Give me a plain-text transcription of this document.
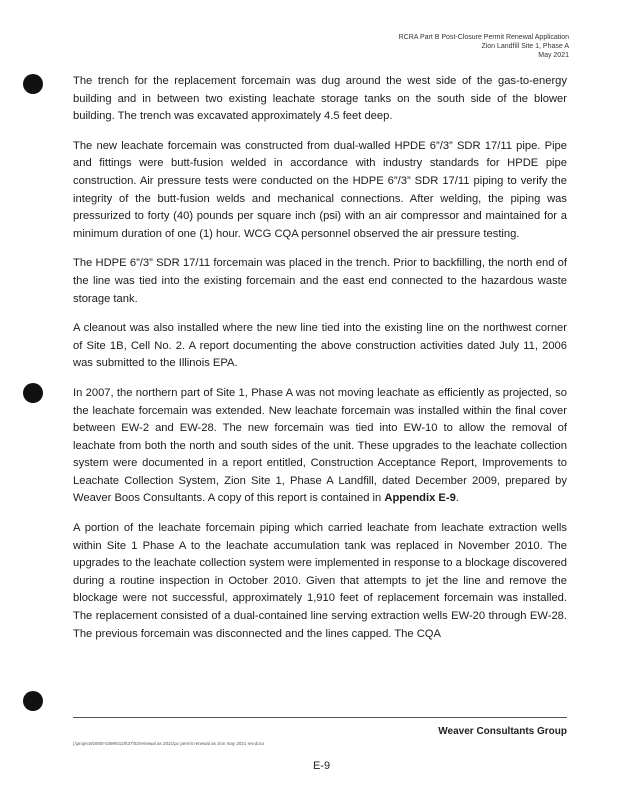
RCRA Part B Post-Closure Permit Renewal Application
Zion Landfill Site 1, Phase A
May 2021

The trench for the replacement forcemain was dug around the west side of the gas-to-energy building and in between two existing leachate storage tanks on the south side of the blower building. The trench was excavated approximately 4.5 feet deep.

The new leachate forcemain was constructed from dual-walled HPDE 6”/3” SDR 17/11 pipe. Pipe and fittings were butt-fusion welded in accordance with industry standards for HPDE pipe construction. Air pressure tests were conducted on the HDPE 6”/3” SDR 17/11 piping to verify the integrity of the butt-fusion welds and mechanical connections. After welding, the piping was pressurized to forty (40) pounds per square inch (psi) with an air compressor and maintained for a minimum duration of one (1) hour. WCG CQA personnel observed the air pressure testing.

The HDPE 6”/3” SDR 17/11 forcemain was placed in the trench. Prior to backfilling, the north end of the line was tied into the existing forcemain and the east end connected to the hazardous waste storage tank.

A cleanout was also installed where the new line tied into the existing line on the northwest corner of Site 1B, Cell No. 2. A report documenting the above construction activities dated July 11, 2006 was submitted to the Illinois EPA.

In 2007, the northern part of Site 1, Phase A was not moving leachate as efficiently as projected, so the leachate forcemain was extended. New leachate forcemain was installed within the final cover between EW-2 and EW-28. The new forcemain was tied into EW-10 to allow the removal of leachate from both the north and south sides of the unit. These upgrades to the leachate collection system were documented in a report entitled, Construction Acceptance Report, Improvements to Leachate Collection System, Zion Site 1, Phase A Landfill, dated December 2009, prepared by Weaver Boos Consultants. A copy of this report is contained in Appendix E-9.

A portion of the leachate forcemain piping which carried leachate from leachate extraction wells within Site 1 Phase A to the leachate accumulation tank was replaced in November 2010. The upgrades to the leachate collection system were implemented in response to a blockage discovered during a routine inspection in October 2010. Given that attempts to jet the line and remove the blockage were not successful, approximately 1,910 feet of replacement forcemain was installed. The replacement consisted of a dual-contained line serving extraction wells EW-20 through EW-28. The previous forcemain was disconnected and the lines capped. The CQA

Weaver Consultants Group
j:\projects\0000-0399\0120\37\02\renewal as 2021\pc permit renewal as zion may 2021 rev.docx
E-9
